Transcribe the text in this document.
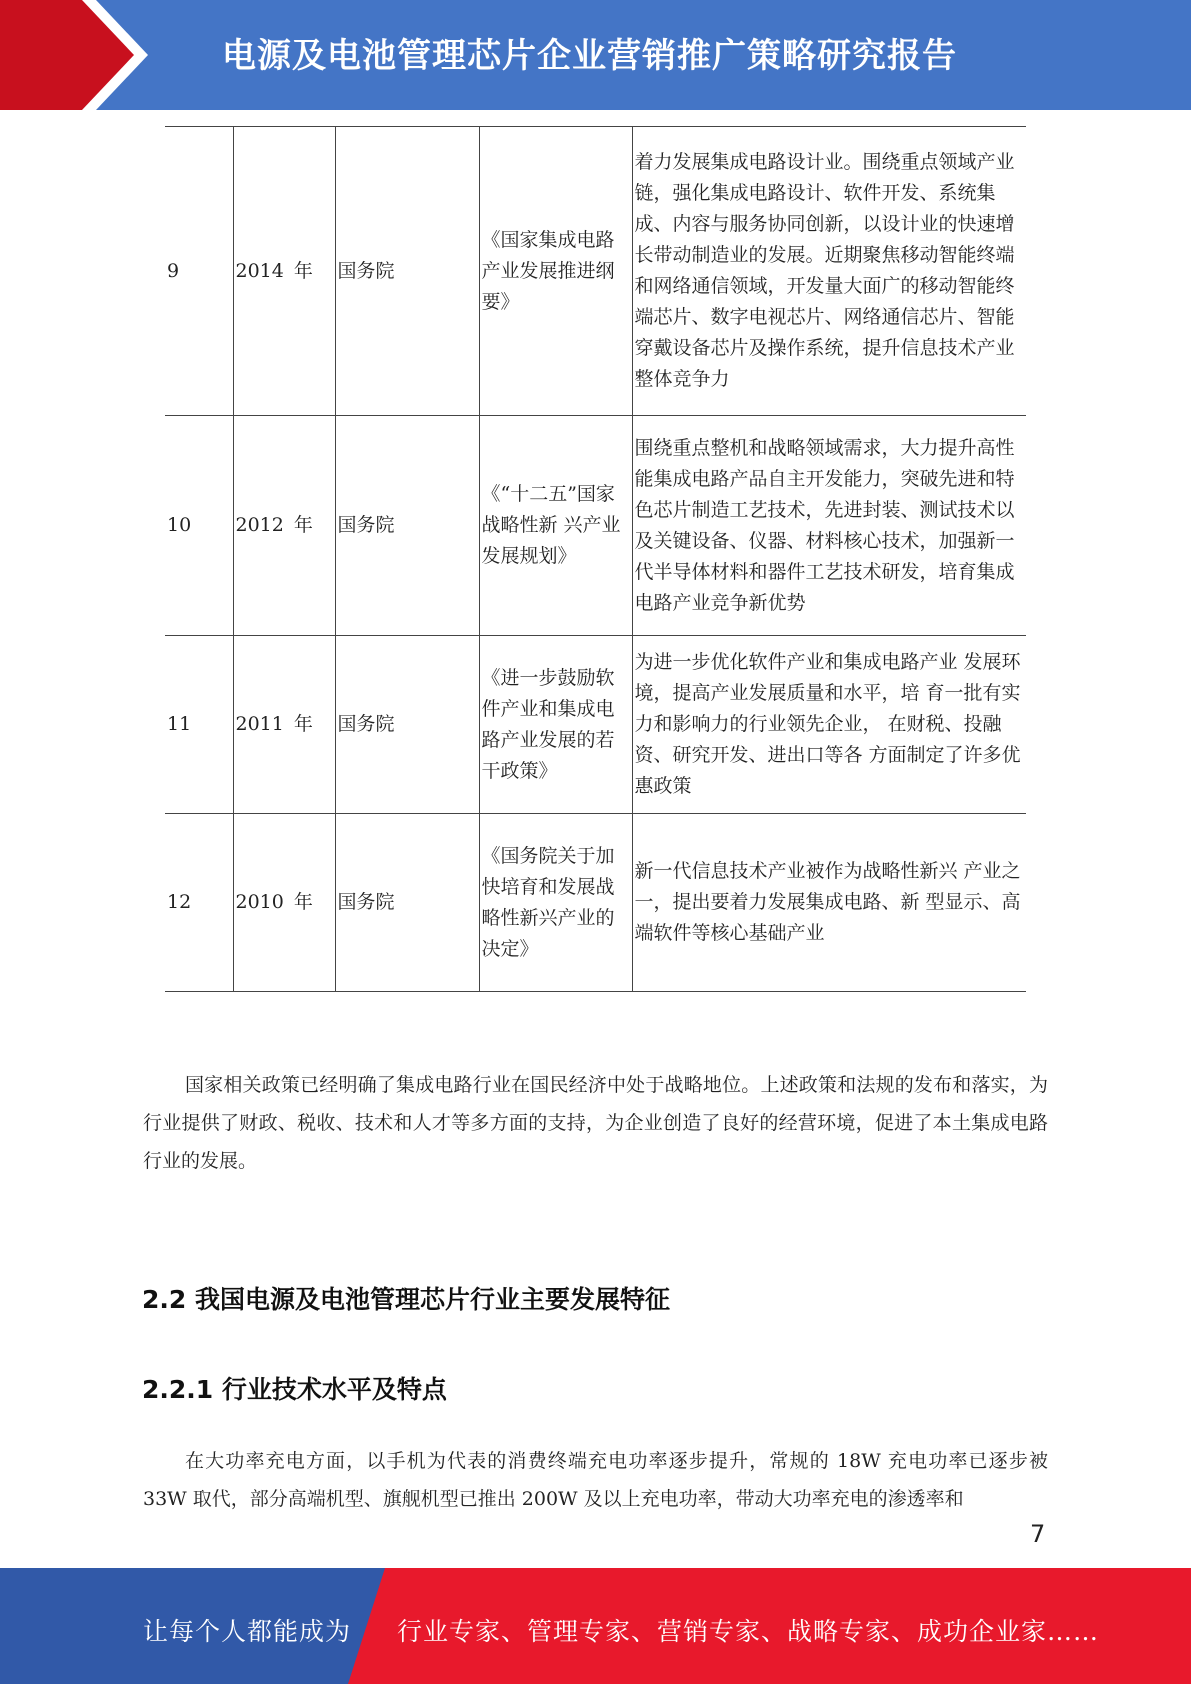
电源及电池管理芯片企业营销推广策略研究报告
9	2014 年	国务院	《国家集成电路产业发展推进纲要》	着力发展集成电路设计业。围绕重点领域产业链，强化集成电路设计、软件开发、系统集成、内容与服务协同创新，以设计业的快速增长带动制造业的发展。近期聚焦移动智能终端和网络通信领域，开发量大面广的移动智能终端芯片、数字电视芯片、网络通信芯片、智能穿戴设备芯片及操作系统，提升信息技术产业整体竞争力
10	2012 年	国务院	《“十二五”国家战略性新 兴产业发展规划》	围绕重点整机和战略领域需求，大力提升高性能集成电路产品自主开发能力，突破先进和特色芯片制造工艺技术，先进封装、测试技术以及关键设备、仪器、材料核心技术，加强新一代半导体材料和器件工艺技术研发，培育集成电路产业竞争新优势
11	2011 年	国务院	《进一步鼓励软件产业和集成电路产业发展的若干政策》	为进一步优化软件产业和集成电路产业 发展环境，提高产业发展质量和水平，培 育一批有实力和影响力的行业领先企业， 在财税、投融资、研究开发、进出口等各 方面制定了许多优惠政策
12	2010 年	国务院	《国务院关于加快培育和发展战略性新兴产业的决定》	新一代信息技术产业被作为战略性新兴 产业之一，提出要着力发展集成电路、新 型显示、高端软件等核心基础产业

国家相关政策已经明确了集成电路行业在国民经济中处于战略地位。上述政策和法规的发布和落实，为行业提供了财政、税收、技术和人才等多方面的支持，为企业创造了良好的经营环境，促进了本土集成电路行业的发展。

2.2 我国电源及电池管理芯片行业主要发展特征
2.2.1 行业技术水平及特点

在大功率充电方面，以手机为代表的消费终端充电功率逐步提升，常规的 18W 充电功率已逐步被 33W 取代，部分高端机型、旗舰机型已推出 200W 及以上充电功率，带动大功率充电的渗透率和

7
让每个人都能成为 行业专家、管理专家、营销专家、战略专家、成功企业家……
